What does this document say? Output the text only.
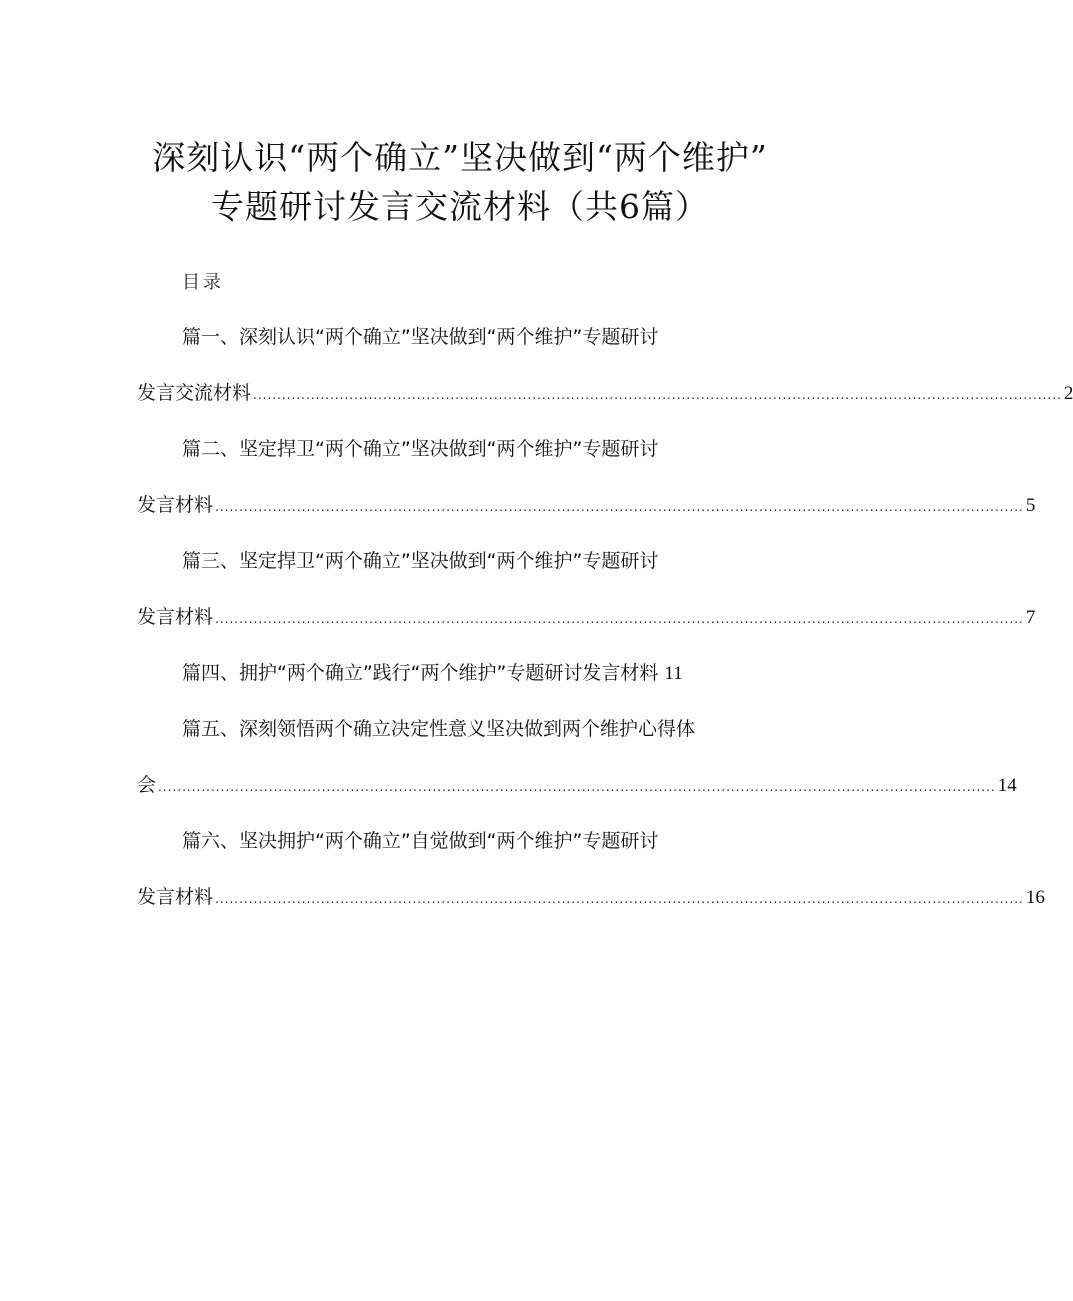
深刻认识“两个确立”坚决做到“两个维护”
专题研讨发言交流材料（共6篇）
目录
篇一、深刻认识“两个确立”坚决做到“两个维护”专题研讨
发言交流材料 ........................................................................................................................................................................ 2
篇二、坚定捍卫“两个确立”坚决做到“两个维护”专题研讨
发言材料 ........................................................................................................................................................................ 5
篇三、坚定捍卫“两个确立”坚决做到“两个维护”专题研讨
发言材料 ........................................................................................................................................................................ 7
篇四、拥护“两个确立”践行“两个维护”专题研讨发言材料 11
篇五、深刻领悟两个确立决定性意义坚决做到两个维护心得体
会 .............................................................................................................................................................................. 14
篇六、坚决拥护“两个确立”自觉做到“两个维护”专题研讨
发言材料 ........................................................................................................................................................................ 16
